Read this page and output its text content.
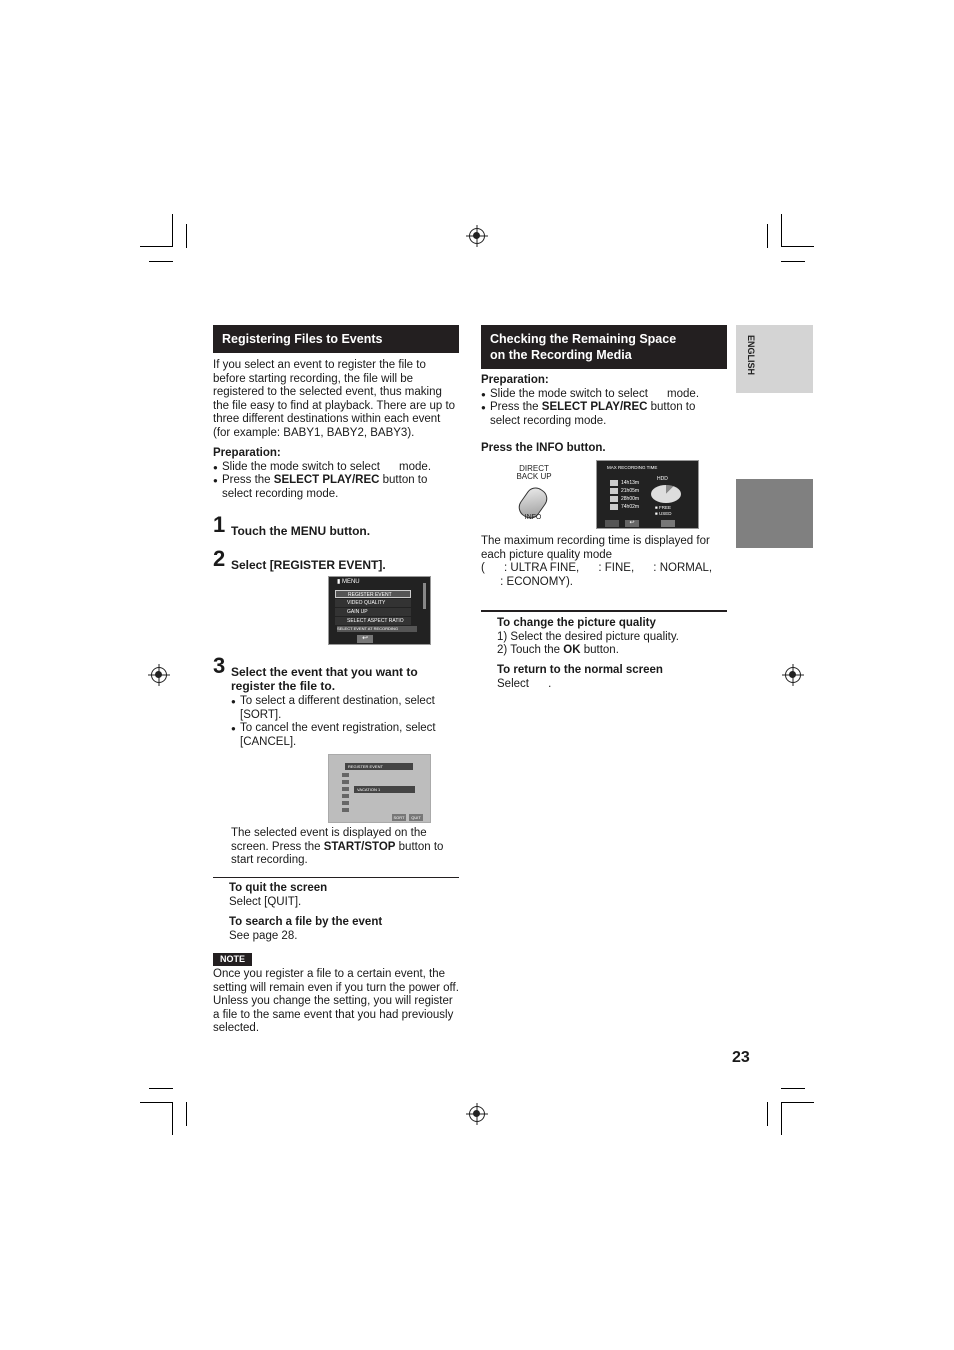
ENGLISH
Registering Files to Events

If you select an event to register the file to before starting recording, the file will be registered to the selected event, thus making the file easy to find at playback. There are up to three different destinations within each event (for example: BABY1, BABY2, BABY3).

Preparation:

● Slide the mode switch to select      mode.
● Press the SELECT PLAY/REC button to select recording mode.
1 Touch the MENU button.
2 Select [REGISTER EVENT].
▮ MENU
REGISTER EVENT
VIDEO QUALITY
GAIN UP
SELECT ASPECT RATIO
SELECT EVENT AT RECORDING
↩
3 Select the event that you want to register the file to.
● To select a different destination, select [SORT].
● To cancel the event registration, select [CANCEL].
REGISTER EVENT
VACATION 1
SORT	QUIT

The selected event is displayed on the screen. Press the START/STOP button to start recording.

To quit the screen

Select [QUIT].

To search a file by the event

See page 28.

NOTE

Once you register a file to a certain event, the setting will remain even if you turn the power off. Unless you change the setting, you will register a file to the same event that you had previously selected.

Checking the Remaining Space
on the Recording Media

Preparation:

● Slide the mode switch to select      mode.
● Press the SELECT PLAY/REC button to select recording mode.

Press the INFO button.

DIRECT BACK UP
INFO
MAX RECORDING TIME
14h13m
21h05m
28h00m
74h02m
HDD
■ FREE
■ USED
↩

The maximum recording time is displayed for each picture quality mode

(      : ULTRA FINE,      : FINE,      : NORMAL,

: ECONOMY).

To change the picture quality

1) Select the desired picture quality.

2) Touch the OK button.

To return to the normal screen

Select      .

23
